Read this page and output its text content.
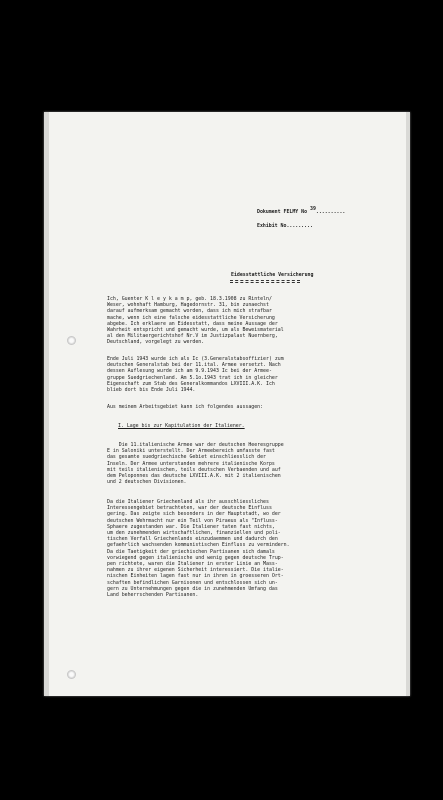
Dokument FELMY No 39..........
Exhibit No.........
Eidesstattliche Versicherung
Ich, Guenter K l e y k a m p, geb. 18.3.1908 zu Rinteln/
Weser, wohnhaft Hamburg, Hagedornstr. 31, bin zunaechst
darauf aufmerksam gemacht worden, dass ich mich strafbar
mache, wenn ich eine falsche eidesstattliche Versicherung
abgebe. Ich erklaere an Eidesstatt, dass meine Aussage der
Wahrheit entspricht und gemacht wurde, um als Beweismaterial
al den Militaergerichtshof Nr.V im Justizpalast Nuernberg,
Deutschland, vorgelegt zu werden.
Ende Juli 1943 wurde ich als Ic (3.Generalstabsoffizier) zum
deutschen Generalstab bei der 11.ital. Armee versetzt. Nach
dessen Auflesung wurde ich am 9.9.1943 Ic bei der Armee-
gruppe Suedgriechenland. Am 5.1o.1943 trat ich in gleicher
Eigenschaft zum Stab des Generalkommandos LXVIII.A.K. Ich
blieb dort bis Ende Juli 1944.
Aus meinem Arbeitsgebiet kann ich folgendes aussagen:
I. Lage bis zur Kapitulation der Italiener.
Die 11.italienische Armee war der deutschen Heeresgruppe
E in Saloniki unterstellt. Der Armeebereich umfasste fast
das gesamte suedgriechische Gebiet einschliesslich der
Inseln. Der Armee unterstanden mehrere italienische Korps
mit teils italienischen, teils deutschen Verbaenden und auf
dem Peloponnes das deutsche LXVIII.A.K. mit 2 italienischen
und 2 deutschen Divisionen.
Da die Italiener Griechenland als ihr ausschliessliches
Interessengebiet betrachteten, war der deutsche Einfluss
gering. Das zeigte sich besonders in der Hauptstadt, wo der
deutschen Wehrmacht nur ein Teil von Piraeus als "Influss-
Sphaere zugestanden war. Die Italiener taten fast nichts,
um den zunehmenden wirtschaftlichen, finanziellen und poli-
tischen Verfall Griechenlands einzudaemmen und dadurch den
gefaehrlich wachsenden kommunistischen Einfluss zu vermindern.
Da die Taetigkeit der griechischen Partisanen sich damals
vorwiegend gegen italienische und wenig gegen deutsche Trup-
pen richtete, waren die Italiener in erster Linie an Mass-
nahmen zu ihrer eigenen Sicherheit interessiert. Die italie-
nischen Einheiten lagen fast nur in ihren in groesseren Ort-
schaften befindlichen Garnisonen und entschlossen sich un-
gern zu Unternehmungen gegen die in zunehmenden Umfang das
Land beherrschenden Partisanen.
